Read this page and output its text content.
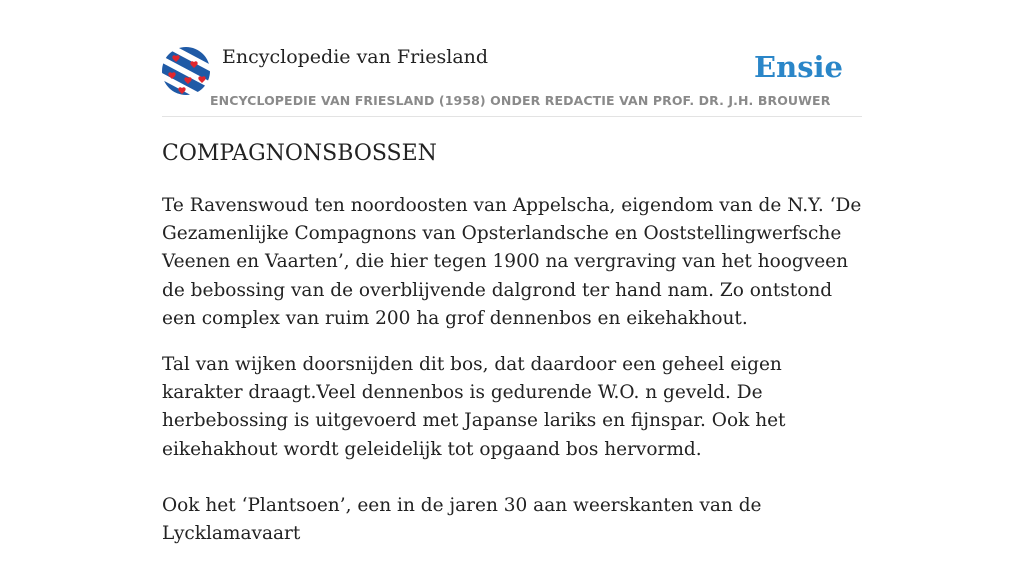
Encyclopedie van Friesland	Ensie
ENCYCLOPEDIE VAN FRIESLAND (1958) ONDER REDACTIE VAN PROF. DR. J.H. BROUWER
COMPAGNONSBOSSEN

Te Ravenswoud ten noordoosten van Appelscha, eigendom van de N.Y. ‘De Gezamenlijke Compagnons van Opsterlandsche en Ooststellingwerfsche Veenen en Vaarten’, die hier tegen 1900 na vergraving van het hoogveen de bebossing van de overblijvende dalgrond ter hand nam. Zo ontstond een complex van ruim 200 ha grof dennenbos en eikehakhout.

Tal van wijken doorsnijden dit bos, dat daardoor een geheel eigen karakter draagt.Veel dennenbos is gedurende W.O. n geveld. De herbebossing is uitgevoerd met Japanse lariks en fijnspar. Ook het eikehakhout wordt geleidelijk tot opgaand bos hervormd.

Ook het ‘Plantsoen’, een in de jaren 30 aan weerskanten van de Lycklamavaart
